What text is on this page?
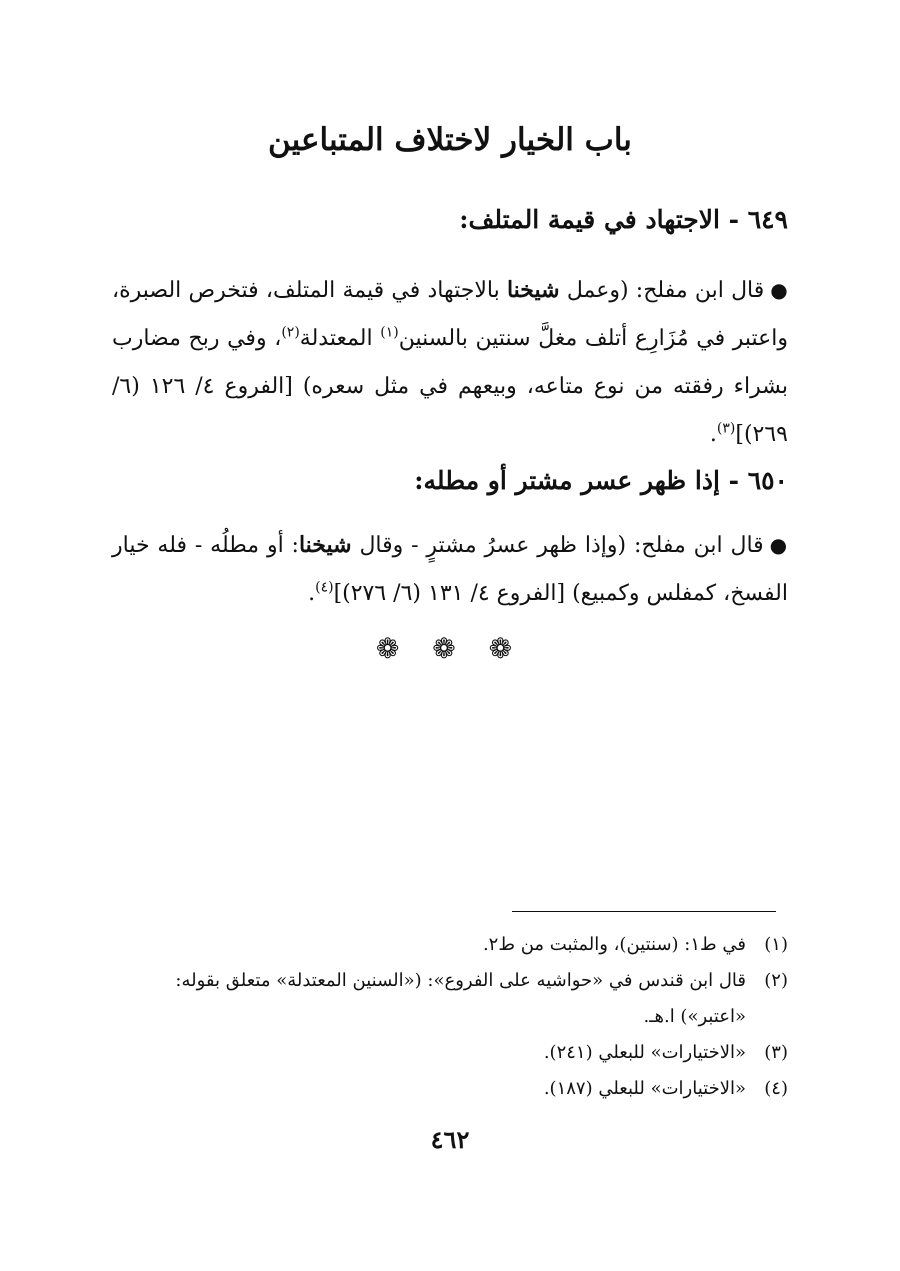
باب الخيار لاختلاف المتباعين
٦٤٩ - الاجتهاد في قيمة المتلف:
●قال ابن مفلح: (وعمل شيخنا بالاجتهاد في قيمة المتلف، فتخرص الصبرة، واعتبر في مُزَارِع أتلف مغلَّ سنتين بالسنين$^{(١)}$ المعتدلة$^{(٢)}$، وفي ربح مضارب بشراء رفقته من نوع متاعه، وبيعهم في مثل سعره) [الفروع ٤/ ١٢٦ (٦/ ٢٦٩)]$^{(٣)}$.
٦٥٠ - إذا ظهر عسر مشتر أو مطله:
●قال ابن مفلح: (وإذا ظهر عسرُ مشترٍ - وقال شيخنا: أو مطلُه - فله خيار الفسخ، كمفلس وكمبيع) [الفروع ٤/ ١٣١ (٦/ ٢٧٦)]$^{(٤)}$.
❁ ❁ ❁
(١)في ط١: (سنتين)، والمثبت من ط٢.
(٢)قال ابن قندس في «حواشيه على الفروع»: («السنين المعتدلة» متعلق بقوله:
«اعتبر») ا.هـ.
(٣)«الاختيارات» للبعلي (٢٤١).
(٤)«الاختيارات» للبعلي (١٨٧).
٤٦٢
